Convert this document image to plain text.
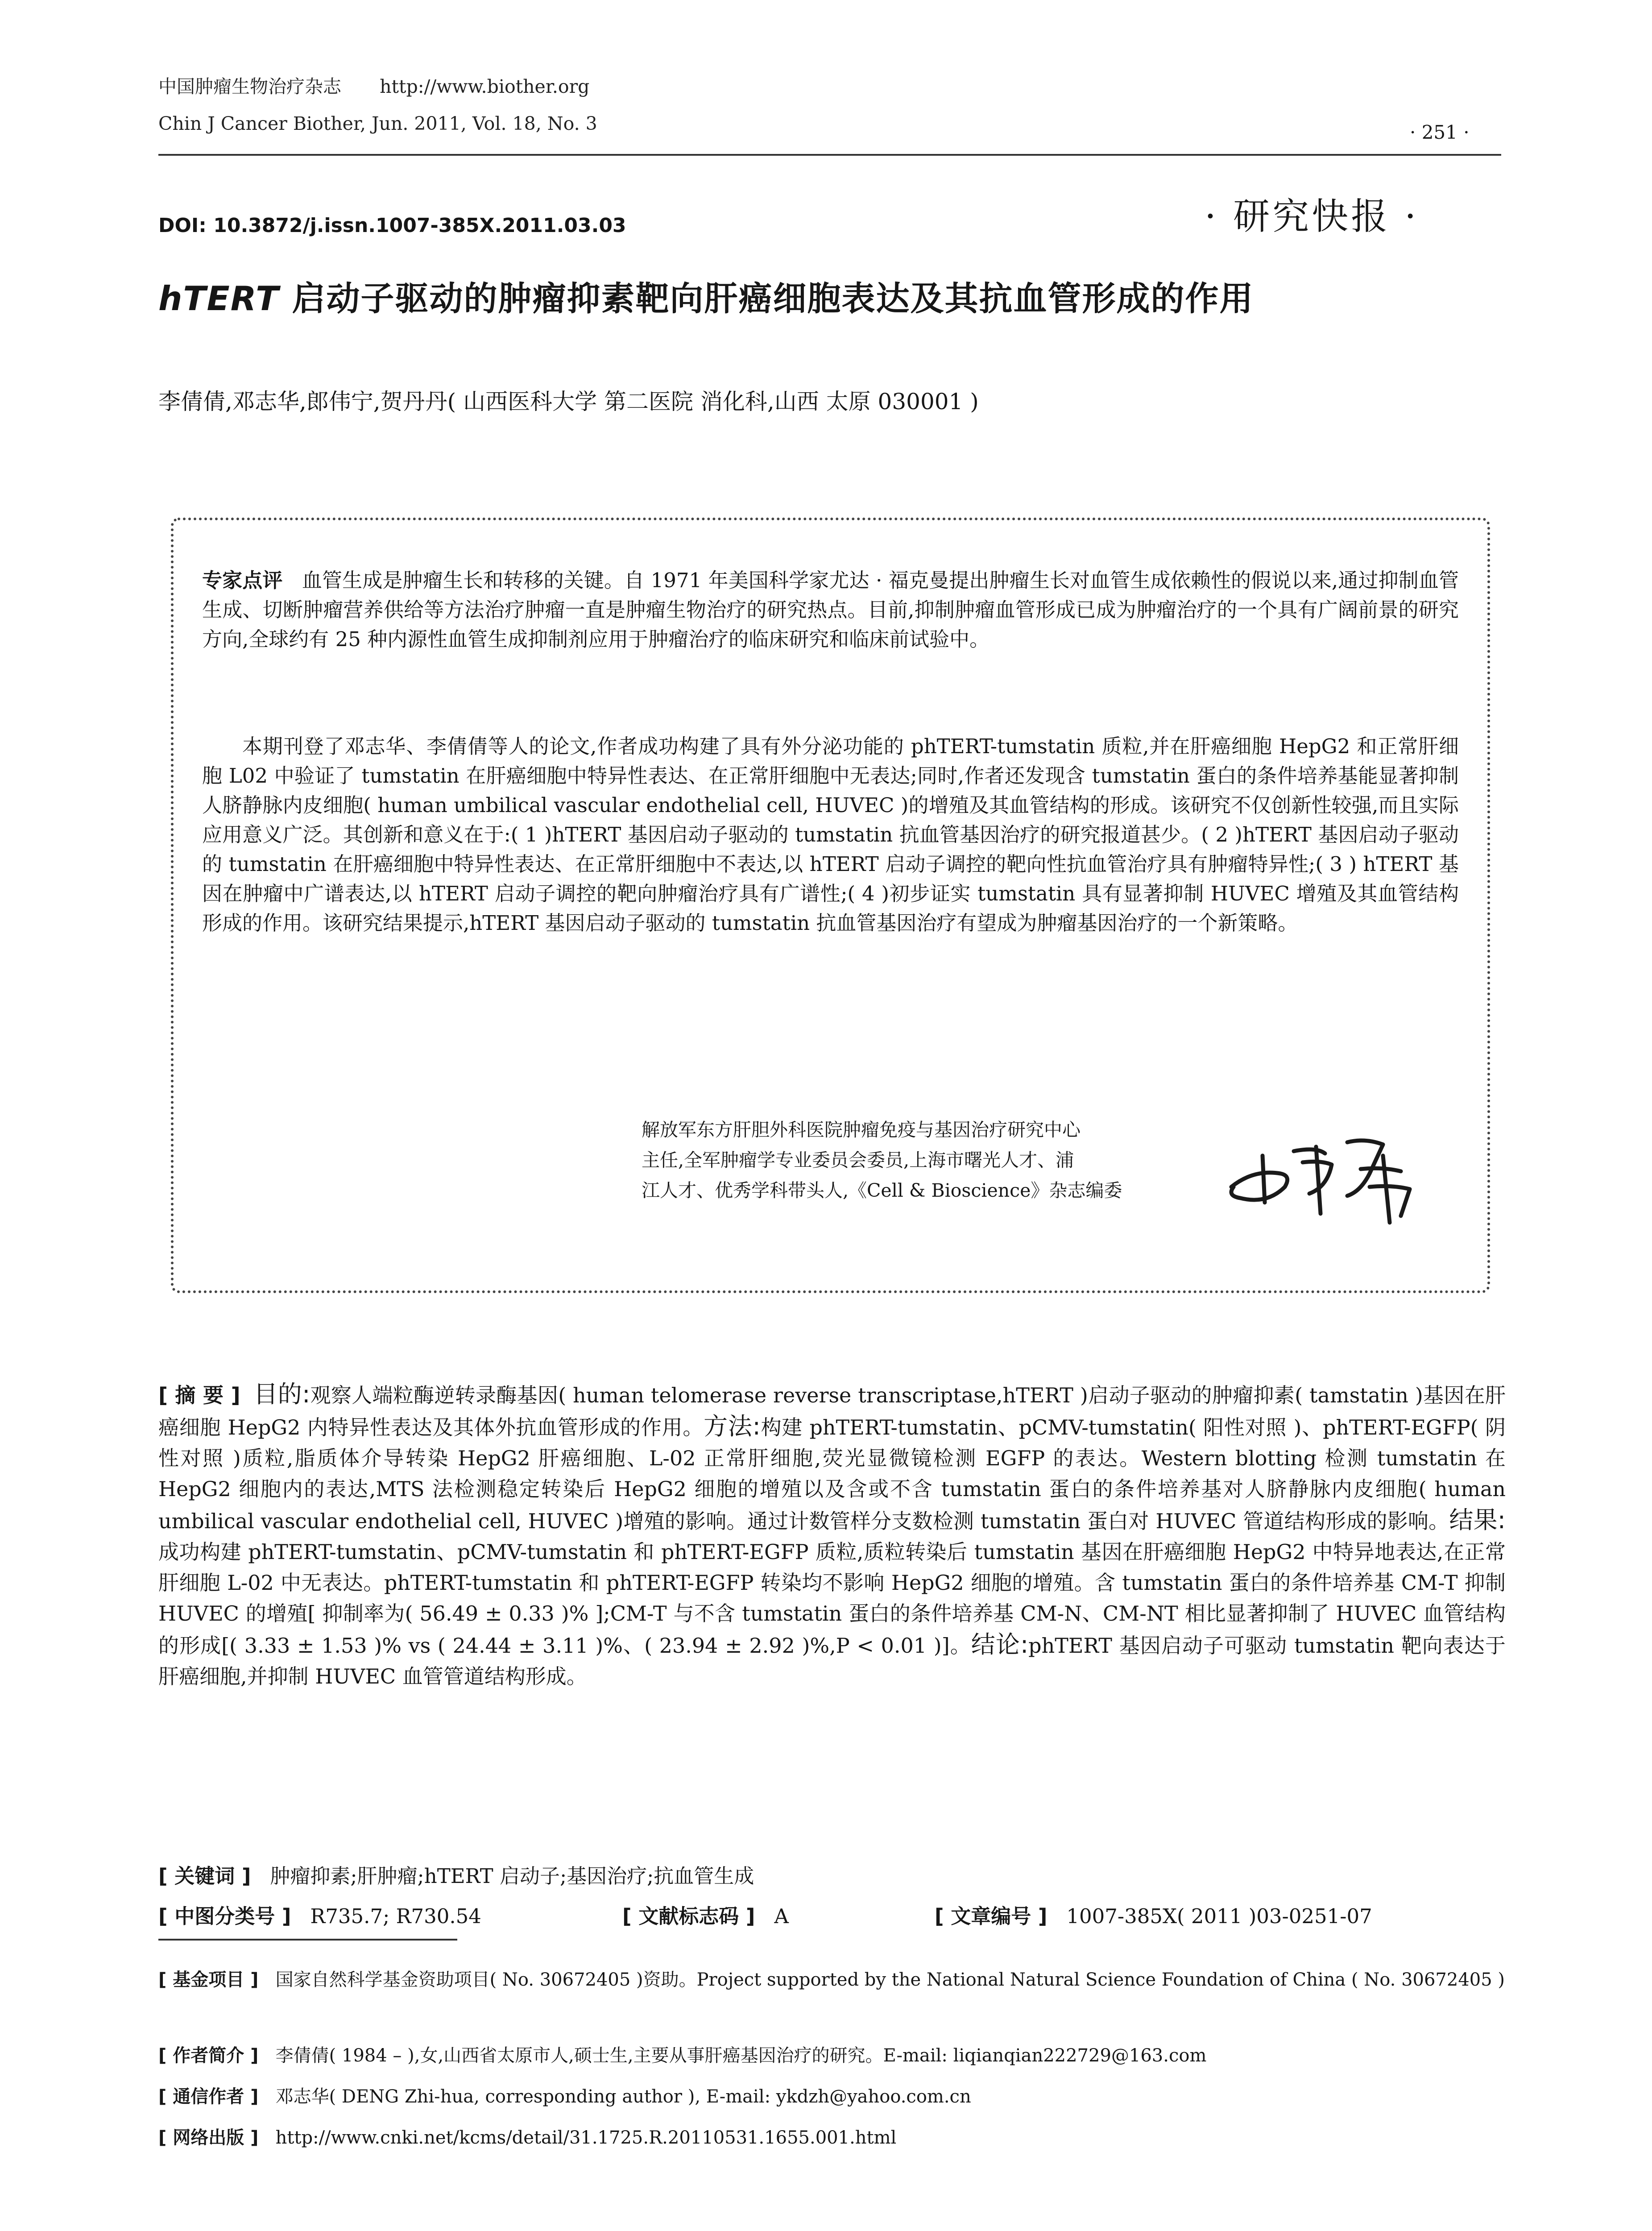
中国肿瘤生物治疗杂志 http://www.biother.org
Chin J Cancer Biother, Jun. 2011, Vol. 18, No. 3	· 251 ·
DOI: 10.3872/j.issn.1007-385X.2011.03.03	· 研究快报 ·
hTERT 启动子驱动的肿瘤抑素靶向肝癌细胞表达及其抗血管形成的作用
李倩倩,邓志华,郎伟宁,贺丹丹( 山西医科大学 第二医院 消化科,山西 太原 030001 )
专家点评 血管生成是肿瘤生长和转移的关键。自 1971 年美国科学家尤达 · 福克曼提出肿瘤生长对血管生成依赖性的假说以来,通过抑制血管生成、切断肿瘤营养供给等方法治疗肿瘤一直是肿瘤生物治疗的研究热点。目前,抑制肿瘤血管形成已成为肿瘤治疗的一个具有广阔前景的研究方向,全球约有 25 种内源性血管生成抑制剂应用于肿瘤治疗的临床研究和临床前试验中。
本期刊登了邓志华、李倩倩等人的论文,作者成功构建了具有外分泌功能的 phTERT-tumstatin 质粒,并在肝癌细胞 HepG2 和正常肝细胞 L02 中验证了 tumstatin 在肝癌细胞中特异性表达、在正常肝细胞中无表达;同时,作者还发现含 tumstatin 蛋白的条件培养基能显著抑制人脐静脉内皮细胞( human umbilical vascular endothelial cell, HUVEC )的增殖及其血管结构的形成。该研究不仅创新性较强,而且实际应用意义广泛。其创新和意义在于:( 1 )hTERT 基因启动子驱动的 tumstatin 抗血管基因治疗的研究报道甚少。( 2 )hTERT 基因启动子驱动的 tumstatin 在肝癌细胞中特异性表达、在正常肝细胞中不表达,以 hTERT 启动子调控的靶向性抗血管治疗具有肿瘤特异性;( 3 ) hTERT 基因在肿瘤中广谱表达,以 hTERT 启动子调控的靶向肿瘤治疗具有广谱性;( 4 )初步证实 tumstatin 具有显著抑制 HUVEC 增殖及其血管结构形成的作用。该研究结果提示,hTERT 基因启动子驱动的 tumstatin 抗血管基因治疗有望成为肿瘤基因治疗的一个新策略。
解放军东方肝胆外科医院肿瘤免疫与基因治疗研究中心
主任,全军肿瘤学专业委员会委员,上海市曙光人才、浦
江人才、优秀学科带头人,《Cell & Bioscience》杂志编委
[ 摘 要 ] 目的:观察人端粒酶逆转录酶基因( human telomerase reverse transcriptase,hTERT )启动子驱动的肿瘤抑素( tamstatin )基因在肝癌细胞 HepG2 内特异性表达及其体外抗血管形成的作用。方法:构建 phTERT-tumstatin、pCMV-tumstatin( 阳性对照 )、phTERT-EGFP( 阴性对照 )质粒,脂质体介导转染 HepG2 肝癌细胞、L-02 正常肝细胞,荧光显微镜检测 EGFP 的表达。Western blotting 检测 tumstatin 在 HepG2 细胞内的表达,MTS 法检测稳定转染后 HepG2 细胞的增殖以及含或不含 tumstatin 蛋白的条件培养基对人脐静脉内皮细胞( human umbilical vascular endothelial cell, HUVEC )增殖的影响。通过计数管样分支数检测 tumstatin 蛋白对 HUVEC 管道结构形成的影响。结果:成功构建 phTERT-tumstatin、pCMV-tumstatin 和 phTERT-EGFP 质粒,质粒转染后 tumstatin 基因在肝癌细胞 HepG2 中特异地表达,在正常肝细胞 L-02 中无表达。phTERT-tumstatin 和 phTERT-EGFP 转染均不影响 HepG2 细胞的增殖。含 tumstatin 蛋白的条件培养基 CM-T 抑制 HUVEC 的增殖[ 抑制率为( 56.49 ± 0.33 )% ];CM-T 与不含 tumstatin 蛋白的条件培养基 CM-N、CM-NT 相比显著抑制了 HUVEC 血管结构的形成[( 3.33 ± 1.53 )% vs ( 24.44 ± 3.11 )%、( 23.94 ± 2.92 )%,P < 0.01 )]。结论:phTERT 基因启动子可驱动 tumstatin 靶向表达于肝癌细胞,并抑制 HUVEC 血管管道结构形成。
[ 关键词 ] 肿瘤抑素;肝肿瘤;hTERT 启动子;基因治疗;抗血管生成
[ 中图分类号 ] R735.7; R730.54	[ 文献标志码 ] A	[ 文章编号 ] 1007-385X( 2011 )03-0251-07
[ 基金项目 ] 国家自然科学基金资助项目( No. 30672405 )资助。Project supported by the National Natural Science Foundation of China ( No. 30672405 )
[ 作者简介 ] 李倩倩( 1984 – ),女,山西省太原市人,硕士生,主要从事肝癌基因治疗的研究。E-mail: liqianqian222729@163.com
[ 通信作者 ] 邓志华( DENG Zhi-hua, corresponding author ), E-mail: ykdzh@yahoo.com.cn
[ 网络出版 ] http://www.cnki.net/kcms/detail/31.1725.R.20110531.1655.001.html
